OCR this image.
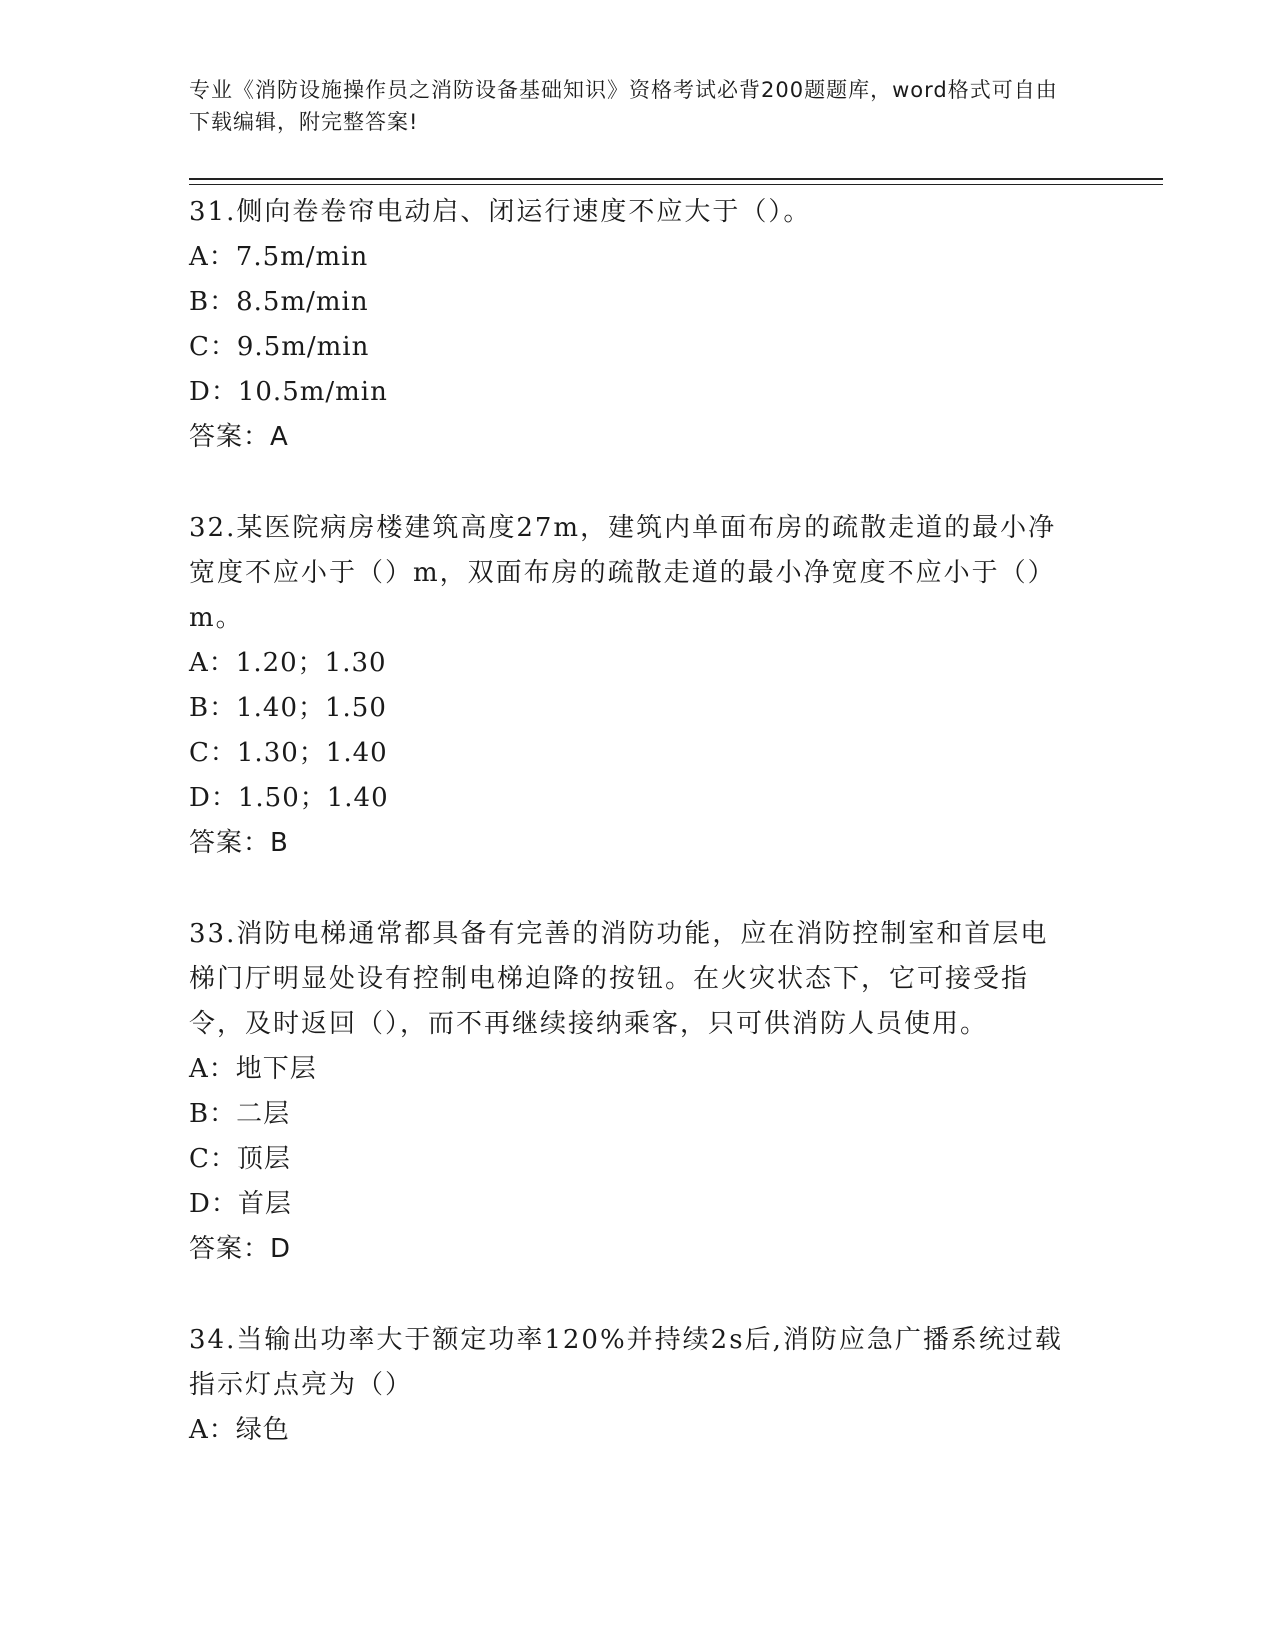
专业《消防设施操作员之消防设备基础知识》资格考试必背200题题库，word格式可自由下载编辑，附完整答案!

31.侧向卷卷帘电动启、闭运行速度不应大于（）。

A：7.5m/min

B：8.5m/min

C：9.5m/min

D：10.5m/min

答案：A

32.某医院病房楼建筑高度27m，建筑内单面布房的疏散走道的最小净宽度不应小于（）m，双面布房的疏散走道的最小净宽度不应小于（）m。

A：1.20；1.30

B：1.40；1.50

C：1.30；1.40

D：1.50；1.40

答案：B

33.消防电梯通常都具备有完善的消防功能，应在消防控制室和首层电梯门厅明显处设有控制电梯迫降的按钮。在火灾状态下，它可接受指令，及时返回（），而不再继续接纳乘客，只可供消防人员使用。

A：地下层

B：二层

C：顶层

D：首层

答案：D

34.当输出功率大于额定功率120%并持续2s后,消防应急广播系统过载指示灯点亮为（）

A：绿色
